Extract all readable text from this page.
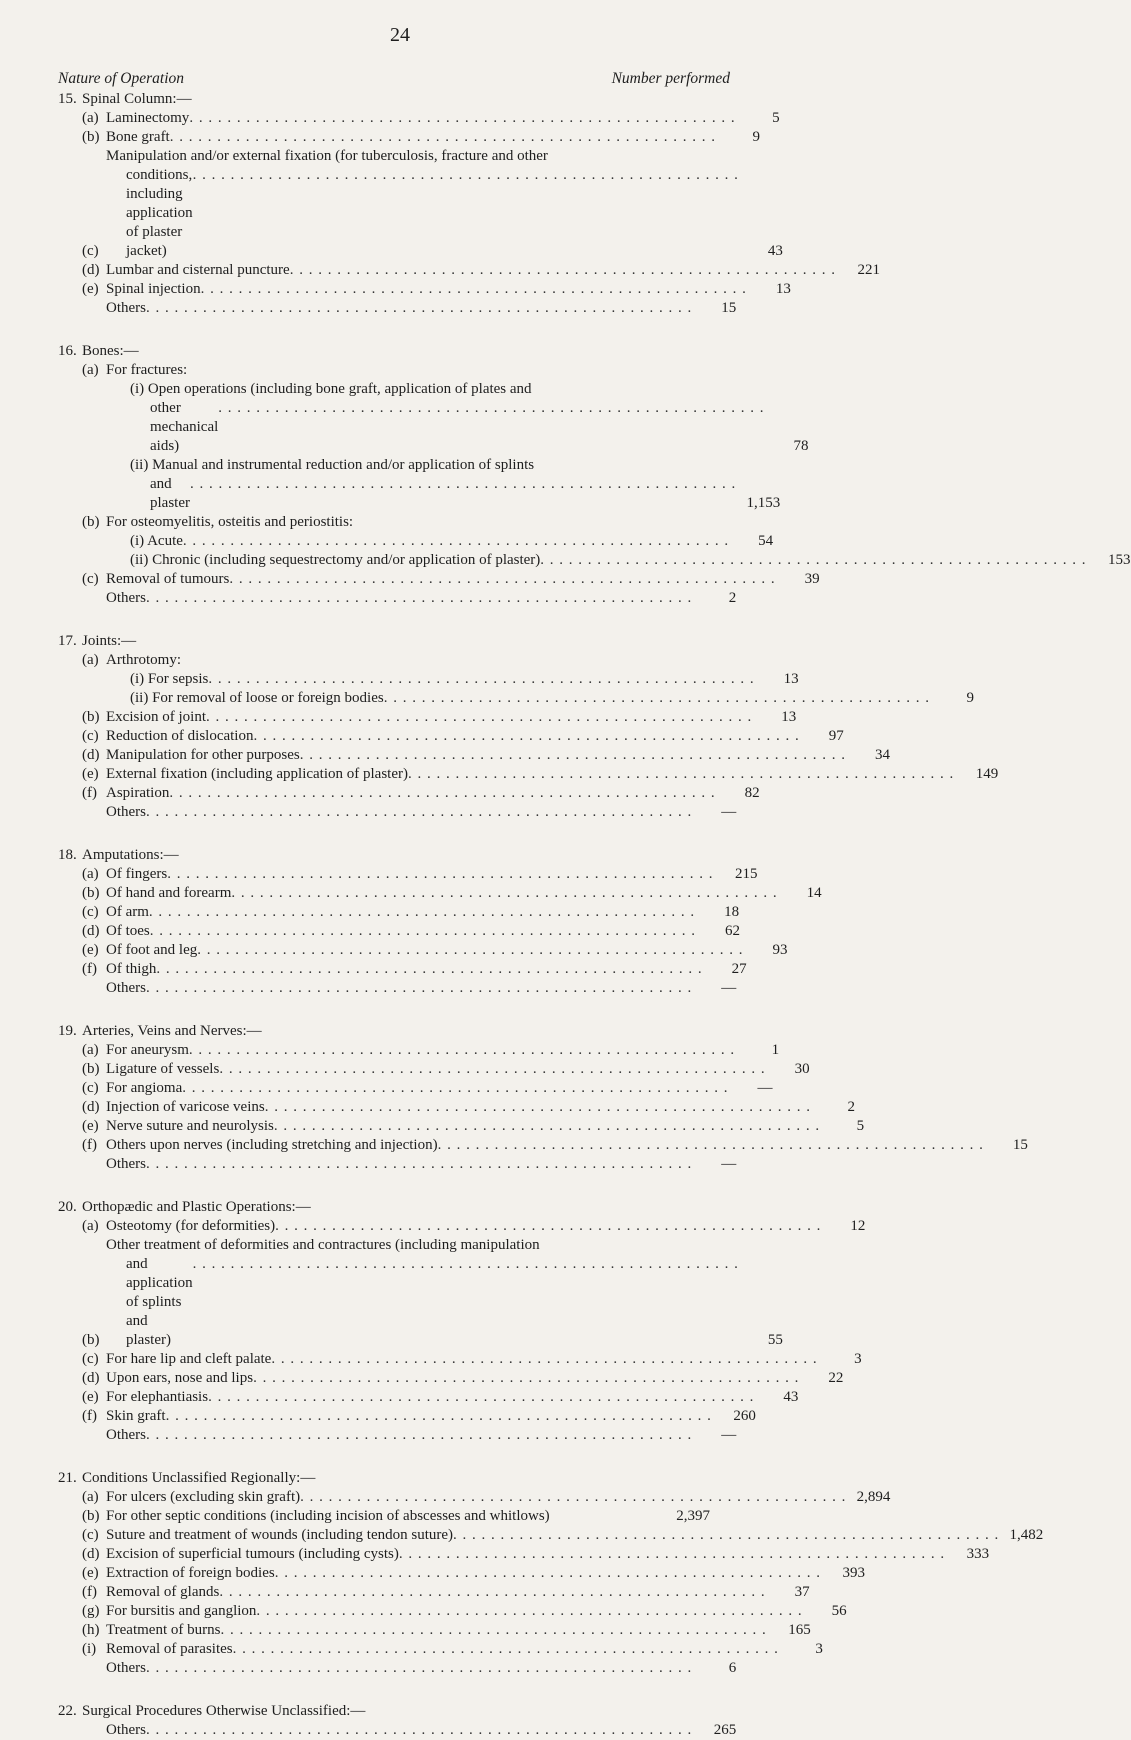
24
Nature of Operation	Number performed
15. Spinal Column:—
(a) Laminectomy . .	5
(b) Bone graft . .	9
(c)
Manipulation and/or external fixation (for tuberculosis, fracture and other
conditions, including application of plaster jacket) . .	43
(d) Lumbar and cisternal puncture . .	221
(e) Spinal injection . .	13
Others . .	15
16. Bones:—
(a) For fractures:
(i) Open operations (including bone graft, application of plates and
other mechanical aids) . .	78
(ii) Manual and instrumental reduction and/or application of splints
and plaster . .	1,153
(b) For osteomyelitis, osteitis and periostitis:
(i) Acute . .	54
(ii) Chronic (including sequestrectomy and/or application of plaster) . .	153
(c) Removal of tumours . .	39
Others . .	2
17. Joints:—
(a) Arthrotomy:
(i) For sepsis . .	13
(ii) For removal of loose or foreign bodies . .	9
(b) Excision of joint . .	13
(c) Reduction of dislocation . .	97
(d) Manipulation for other purposes . .	34
(e) External fixation (including application of plaster) . .	149
(f) Aspiration . .	82
Others . .	—
18. Amputations:—
(a) Of fingers . .	215
(b) Of hand and forearm . .	14
(c) Of arm . .	18
(d) Of toes . .	62
(e) Of foot and leg . .	93
(f) Of thigh . .	27
Others . .	—
19. Arteries, Veins and Nerves:—
(a) For aneurysm . .	1
(b) Ligature of vessels . .	30
(c) For angioma . .	—
(d) Injection of varicose veins . .	2
(e) Nerve suture and neurolysis . .	5
(f) Others upon nerves (including stretching and injection) . .	15
Others . .	—
20. Orthopædic and Plastic Operations:—
(a) Osteotomy (for deformities) . .	12
(b)
Other treatment of deformities and contractures (including manipulation
and application of splints and plaster) . .	55
(c) For hare lip and cleft palate . .	3
(d) Upon ears, nose and lips . .	22
(e) For elephantiasis . .	43
(f) Skin graft . .	260
Others . .	—
21. Conditions Unclassified Regionally:—
(a) For ulcers (excluding skin graft) . .	2,894
(b) For other septic conditions (including incision of abscesses and whitlows)	2,397
(c) Suture and treatment of wounds (including tendon suture) . .	1,482
(d) Excision of superficial tumours (including cysts) . .	333
(e) Extraction of foreign bodies . .	393
(f) Removal of glands . .	37
(g) For bursitis and ganglion . .	56
(h) Treatment of burns . .	165
(i) Removal of parasites . .	3
Others . .	6
22. Surgical Procedures Otherwise Unclassified:—
Others . .	265
